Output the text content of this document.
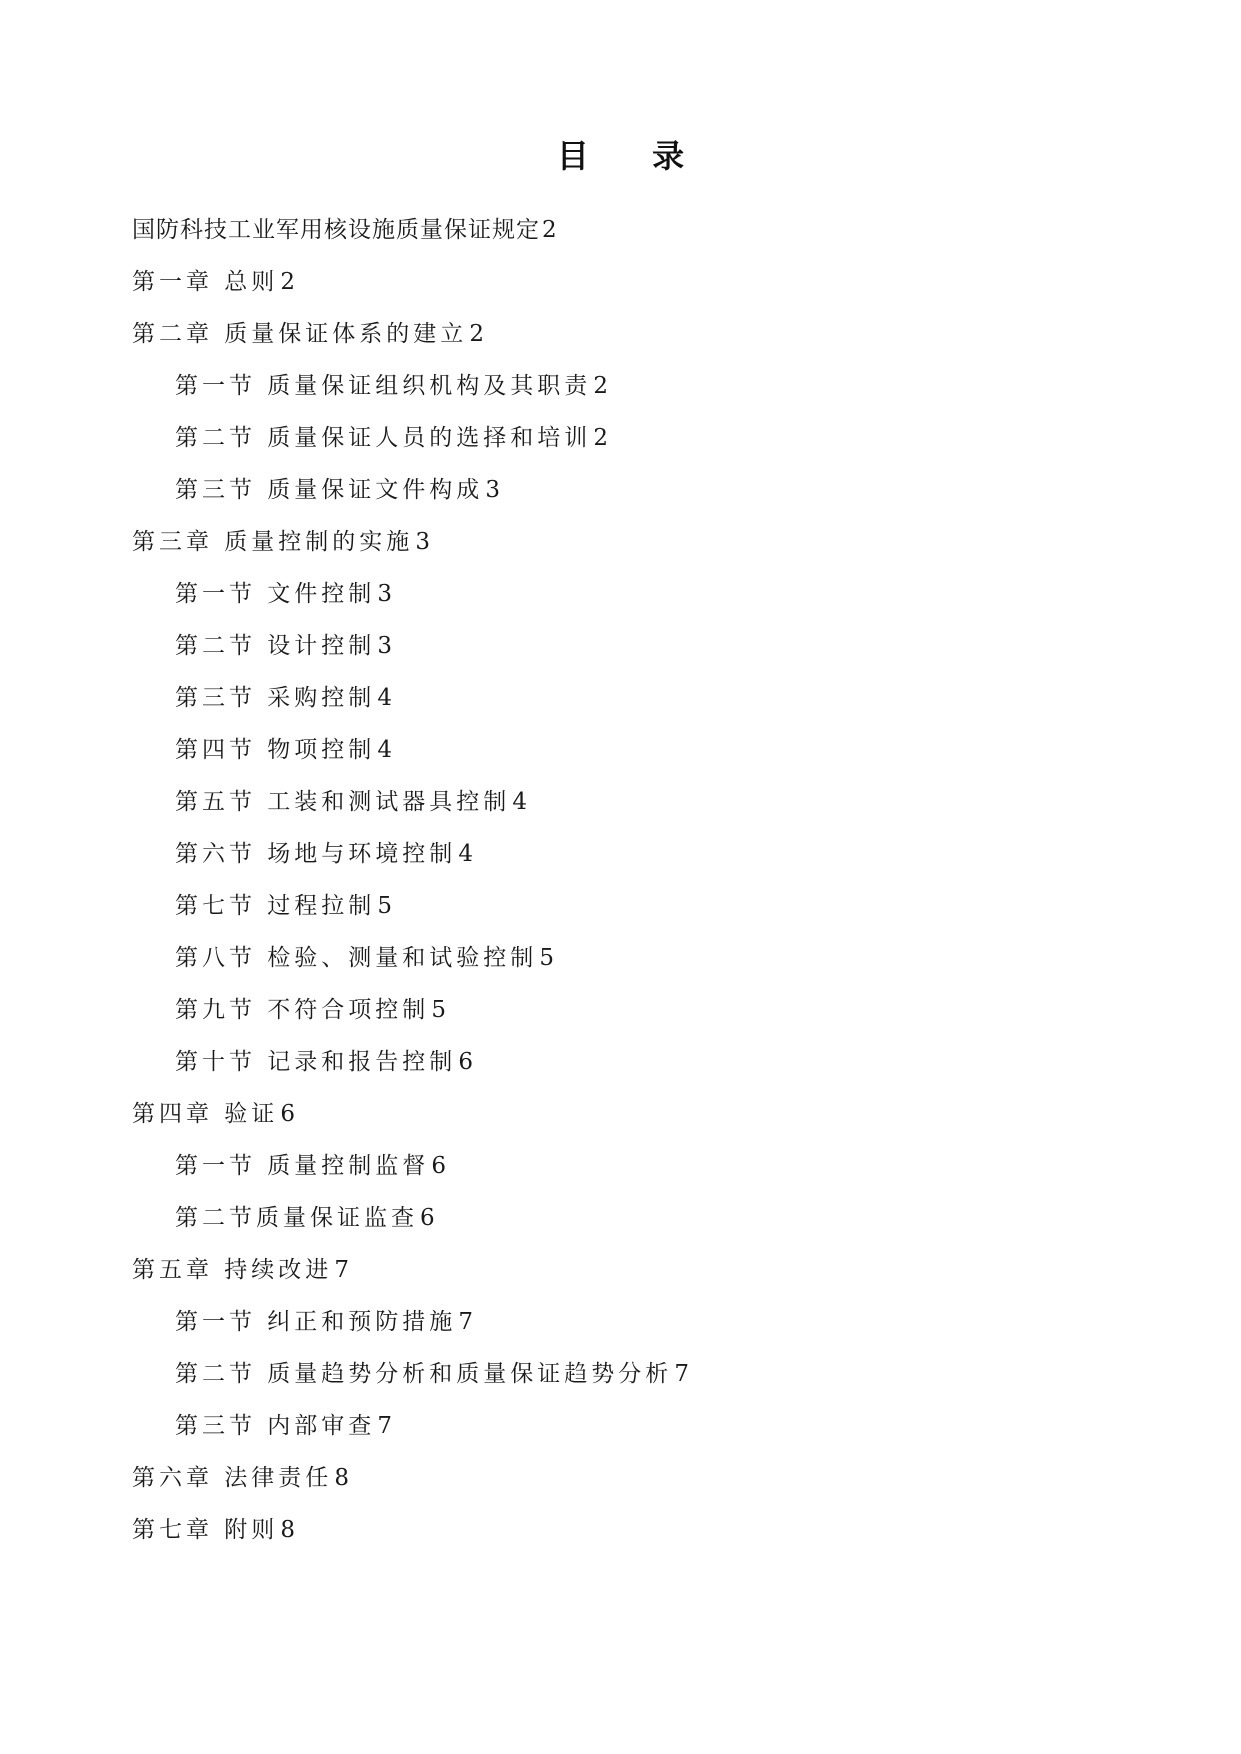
目 录
国防科技工业军用核设施质量保证规定2
第一章 总则2
第二章 质量保证体系的建立2
第一节 质量保证组织机构及其职责2
第二节 质量保证人员的选择和培训2
第三节 质量保证文件构成3
第三章 质量控制的实施3
第一节 文件控制3
第二节 设计控制3
第三节 采购控制4
第四节 物项控制4
第五节 工装和测试器具控制4
第六节 场地与环境控制4
第七节 过程拉制5
第八节 检验、测量和试验控制5
第九节 不符合项控制5
第十节 记录和报告控制6
第四章 验证6
第一节 质量控制监督6
第二节质量保证监查6
第五章 持续改进7
第一节 纠正和预防措施7
第二节 质量趋势分析和质量保证趋势分析7
第三节 内部审查7
第六章 法律责任8
第七章 附则8
